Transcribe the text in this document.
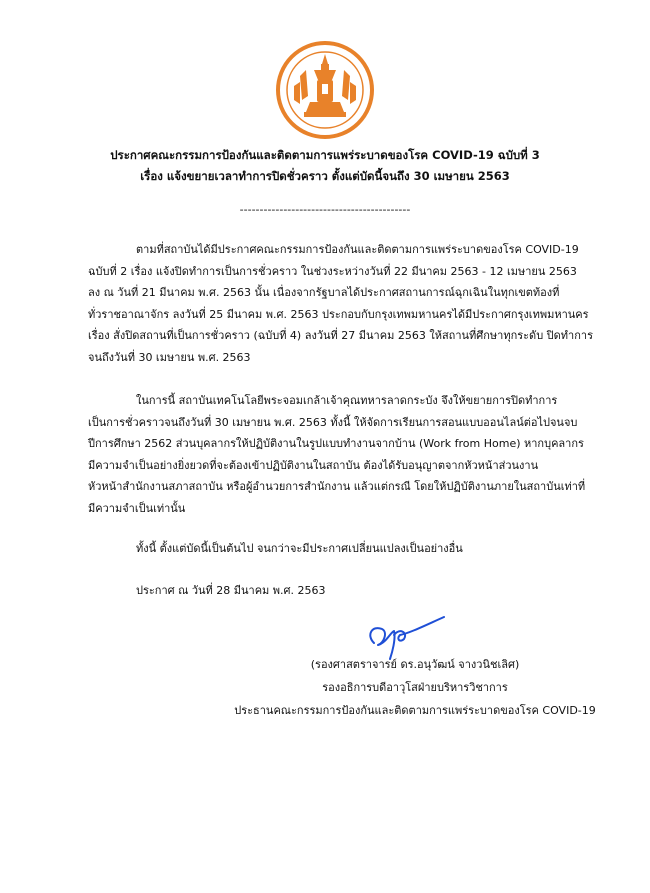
ประกาศคณะกรรมการป้องกันและติดตามการแพร่ระบาดของโรค COVID-19 ฉบับที่ 3
เรื่อง แจ้งขยายเวลาทำการปิดชั่วคราว ตั้งแต่บัดนี้จนถึง 30 เมษายน 2563
-------------------------------------------
ตามที่สถาบันได้มีประกาศคณะกรรมการป้องกันและติดตามการแพร่ระบาดของโรค COVID-19
ฉบับที่ 2 เรื่อง แจ้งปิดทำการเป็นการชั่วคราว ในช่วงระหว่างวันที่ 22 มีนาคม 2563 - 12 เมษายน 2563
ลง ณ วันที่ 21 มีนาคม พ.ศ. 2563 นั้น เนื่องจากรัฐบาลได้ประกาศสถานการณ์ฉุกเฉินในทุกเขตท้องที่
ทั่วราชอาณาจักร ลงวันที่ 25 มีนาคม พ.ศ. 2563 ประกอบกับกรุงเทพมหานครได้มีประกาศกรุงเทพมหานคร
เรื่อง สั่งปิดสถานที่เป็นการชั่วคราว (ฉบับที่ 4) ลงวันที่ 27 มีนาคม 2563 ให้สถานที่ศึกษาทุกระดับ ปิดทำการ
จนถึงวันที่ 30 เมษายน พ.ศ. 2563
ในการนี้ สถาบันเทคโนโลยีพระจอมเกล้าเจ้าคุณทหารลาดกระบัง จึงให้ขยายการปิดทำการ
เป็นการชั่วคราวจนถึงวันที่ 30 เมษายน พ.ศ. 2563 ทั้งนี้ ให้จัดการเรียนการสอนแบบออนไลน์ต่อไปจนจบ
ปีการศึกษา 2562 ส่วนบุคลากรให้ปฏิบัติงานในรูปแบบทำงานจากบ้าน (Work from Home) หากบุคลากร
มีความจำเป็นอย่างยิ่งยวดที่จะต้องเข้าปฏิบัติงานในสถาบัน ต้องได้รับอนุญาตจากหัวหน้าส่วนงาน
หัวหน้าสำนักงานสภาสถาบัน หรือผู้อำนวยการสำนักงาน แล้วแต่กรณี โดยให้ปฏิบัติงานภายในสถาบันเท่าที่
มีความจำเป็นเท่านั้น
ทั้งนี้ ตั้งแต่บัดนี้เป็นต้นไป จนกว่าจะมีประกาศเปลี่ยนแปลงเป็นอย่างอื่น
ประกาศ ณ วันที่ 28 มีนาคม พ.ศ. 2563
(รองศาสตราจารย์ ดร.อนุวัฒน์ จางวนิชเลิศ)
รองอธิการบดีอาวุโสฝ่ายบริหารวิชาการ
ประธานคณะกรรมการป้องกันและติดตามการแพร่ระบาดของโรค COVID-19
